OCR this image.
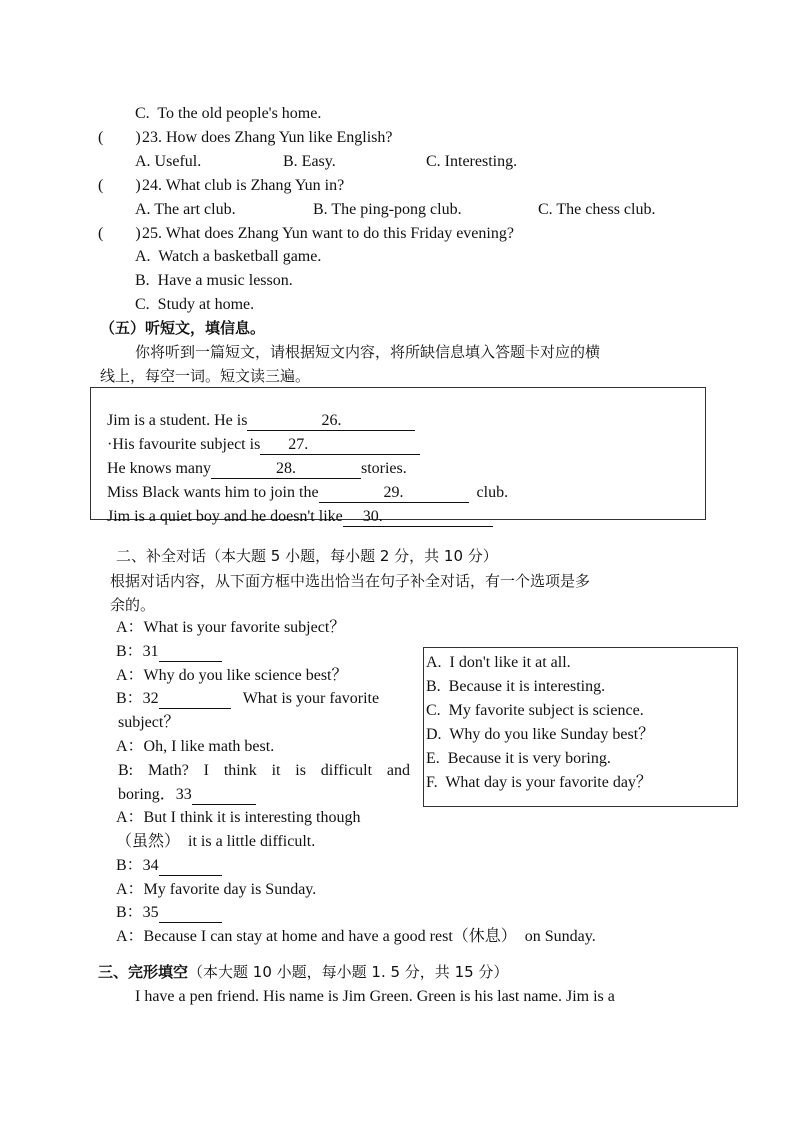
C.  To the old people's home.
(        ) 23. How does Zhang Yun like English?
A. Useful.	B. Easy.	C. Interesting.
(        ) 24. What club is Zhang Yun in?
A. The art club.	B. The ping-pong club.	C. The chess club.
(        ) 25. What does Zhang Yun want to do this Friday evening?
A.  Watch a basketball game.
B.  Have a music lesson.
C.  Study at home.
（五）听短文，填信息。
你将听到一篇短文，请根据短文内容，将所缺信息填入答题卡对应的横
线上，每空一词。短文读三遍。

Jim is a student. He is	26.

·His favourite subject is 27.

He knows many	28.	stories.

Miss Black wants him to join the	29.	club.

Jim is a quiet boy and he doesn't like 30.

二、补全对话（本大题 5 小题，每小题 2 分，共 10 分）
根据对话内容，从下面方框中选出恰当在句子补全对话，有一个选项是多
余的。
A：What is your favorite subject？
B：31
A：Why do you like science best？
B：32	What is your favorite
subject？
A：Oh, I like math best.
B: Math? I think it is difficult and
boring．33
A：But I think it is interesting though
（虽然）  it is a little difficult.
B：34
A：My favorite day is Sunday.
B：35
A：Because I can stay at home and have a good rest（休息）  on Sunday.
A.  I don't like it at all.
B.  Because it is interesting.
C.  My favorite subject is science.
D.  Why do you like Sunday best？
E.  Because it is very boring.
F.  What day is your favorite day？
三、完形填空（本大题 10 小题，每小题 1. 5 分，共 15 分）
I have a pen friend. His name is Jim Green. Green is his last name. Jim is a
